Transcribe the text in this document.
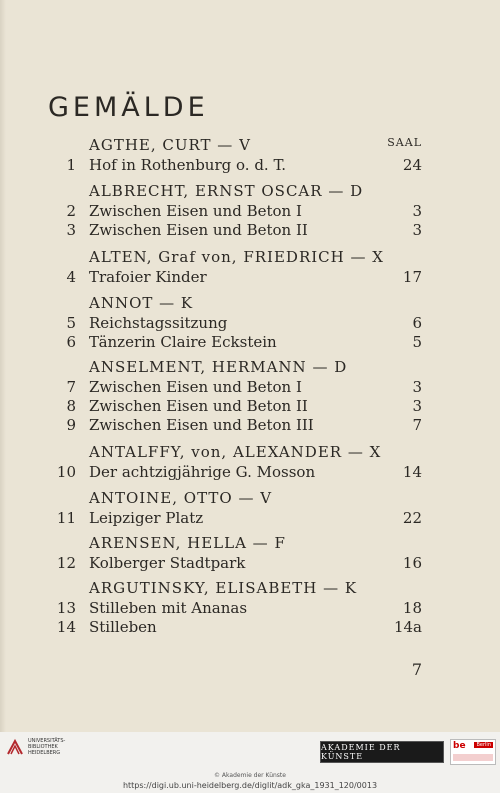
GEMÄLDE
SAAL
AGTHE, CURT — V
1 Hof in Rothenburg o. d. T.	24
ALBRECHT, ERNST OSCAR — D
2 Zwischen Eisen und Beton I	3
3 Zwischen Eisen und Beton II	3
ALTEN, Graf von, FRIEDRICH — X
4 Trafoier Kinder	17
ANNOT — K
5 Reichstagssitzung	6
6 Tänzerin Claire Eckstein	5
ANSELMENT, HERMANN — D
7 Zwischen Eisen und Beton I	3
8 Zwischen Eisen und Beton II	3
9 Zwischen Eisen und Beton III	7
ANTALFFY, von, ALEXANDER — X
10 Der achtzigjährige G. Mosson	14
ANTOINE, OTTO — V
11 Leipziger Platz	22
ARENSEN, HELLA — F
12 Kolberger Stadtpark	16
ARGUTINSKY, ELISABETH — K
13 Stilleben mit Ananas	18
14 Stilleben	14a
7
UNIVERSITÄTS-
BIBLIOTHEK
HEIDELBERG
AKADEMIE DER KÜNSTE
be	Berlin
© Akademie der Künste
https://digi.ub.uni-heidelberg.de/diglit/adk_gka_1931_120/0013
